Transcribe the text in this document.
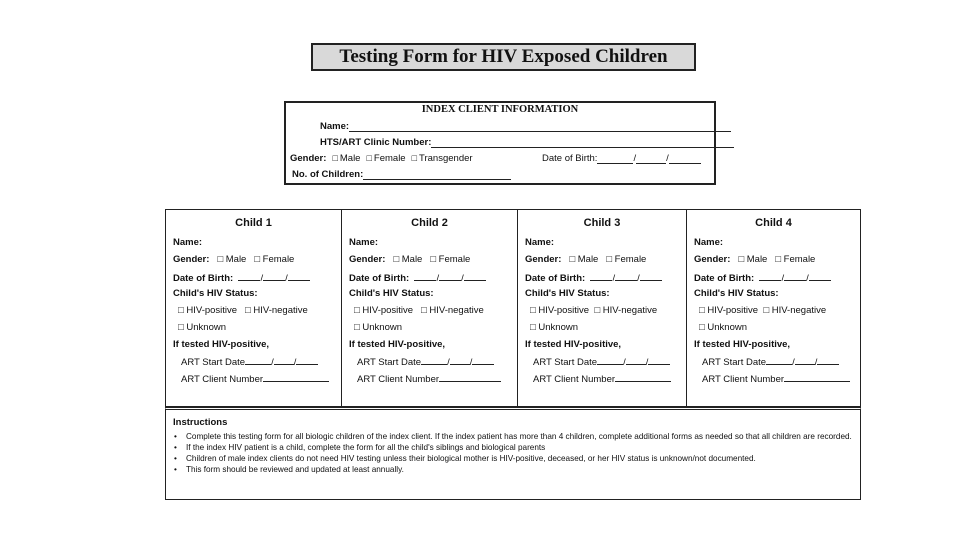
Testing Form for HIV Exposed Children
INDEX CLIENT INFORMATION
Name:
HTS/ART Clinic Number:
Gender: □ Male □ Female □ Transgender	Date of Birth:	/	/
No. of Children:
Child 1
Name:
Gender: □ Male □ Female
Date of Birth:	/ /
Child's HIV Status:
□ HIV-positive □ HIV-negative
□ Unknown
If tested HIV-positive,
ART Start Date	/ /
ART Client Number
Child 2
Name:
Gender: □ Male □ Female
Date of Birth:	/ /
Child's HIV Status:
□ HIV-positive □ HIV-negative
□ Unknown
If tested HIV-positive,
ART Start Date	/ /
ART Client Number
Child 3
Name:
Gender: □ Male □ Female
Date of Birth:	/ /
Child's HIV Status:
□ HIV-positive □ HIV-negative
□ Unknown
If tested HIV-positive,
ART Start Date	/ /
ART Client Number
Child 4
Name:
Gender: □ Male □ Female
Date of Birth:	/ /
Child's HIV Status:
□ HIV-positive □ HIV-negative
□ Unknown
If tested HIV-positive,
ART Start Date	/ /
ART Client Number
Instructions
• Complete this testing form for all biologic children of the index client. If the index patient has more than 4 children, complete additional forms as needed so that all children are recorded.
• If the index HIV patient is a child, complete the form for all the child's siblings and biological parents
• Children of male index clients do not need HIV testing unless their biological mother is HIV-positive, deceased, or her HIV status is unknown/not documented.
• This form should be reviewed and updated at least annually.
